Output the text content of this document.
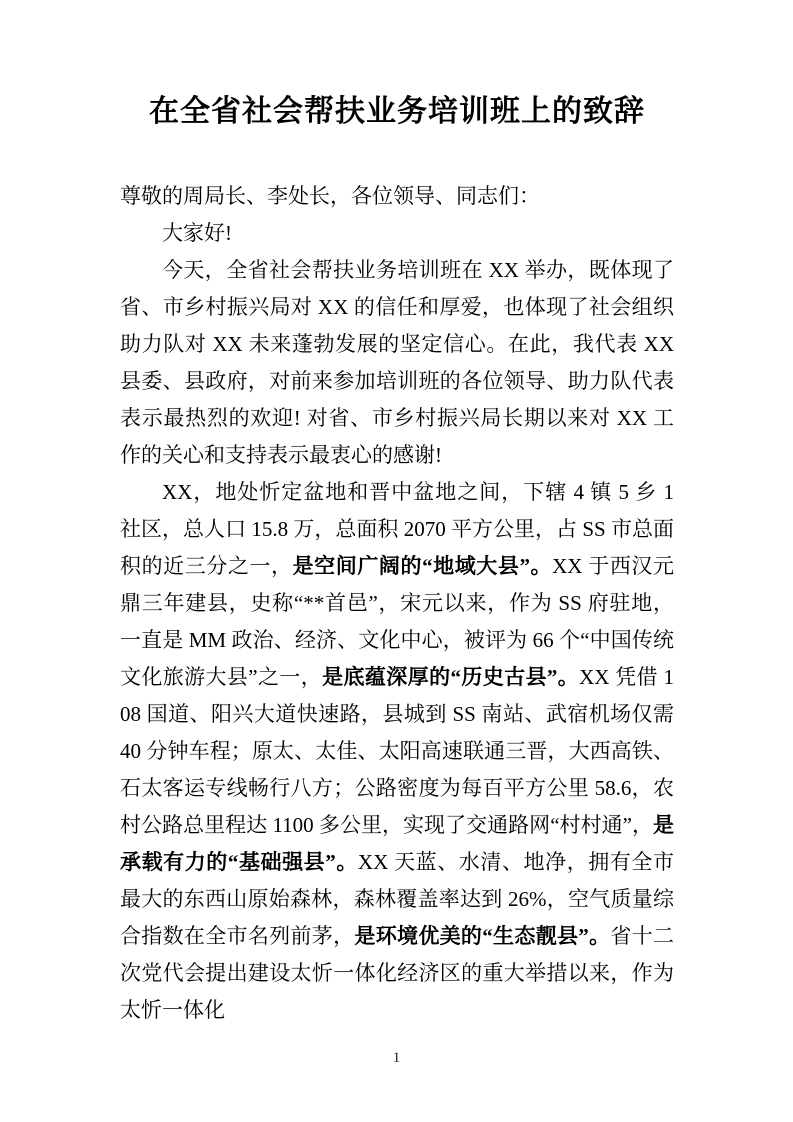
在全省社会帮扶业务培训班上的致辞

尊敬的周局长、李处长，各位领导、同志们：

大家好!

今天，全省社会帮扶业务培训班在 XX 举办，既体现了省、市乡村振兴局对 XX 的信任和厚爱，也体现了社会组织助力队对 XX 未来蓬勃发展的坚定信心。在此，我代表 XX 县委、县政府，对前来参加培训班的各位领导、助力队代表表示最热烈的欢迎! 对省、市乡村振兴局长期以来对 XX 工作的关心和支持表示最衷心的感谢!

XX，地处忻定盆地和晋中盆地之间，下辖 4 镇 5 乡 1 社区，总人口 15.8 万，总面积 2070 平方公里，占 SS 市总面积的近三分之一，是空间广阔的“地域大县”。XX 于西汉元鼎三年建县，史称“**首邑”，宋元以来，作为 SS 府驻地，一直是 MM 政治、经济、文化中心，被评为 66 个“中国传统文化旅游大县”之一，是底蕴深厚的“历史古县”。XX 凭借 108 国道、阳兴大道快速路，县城到 SS 南站、武宿机场仅需 40 分钟车程；原太、太佳、太阳高速联通三晋，大西高铁、石太客运专线畅行八方；公路密度为每百平方公里 58.6，农村公路总里程达 1100 多公里，实现了交通路网“村村通”，是承载有力的“基础强县”。XX 天蓝、水清、地净，拥有全市最大的东西山原始森林，森林覆盖率达到 26%，空气质量综合指数在全市名列前茅，是环境优美的“生态靓县”。省十二次党代会提出建设太忻一体化经济区的重大举措以来，作为太忻一体化

1
